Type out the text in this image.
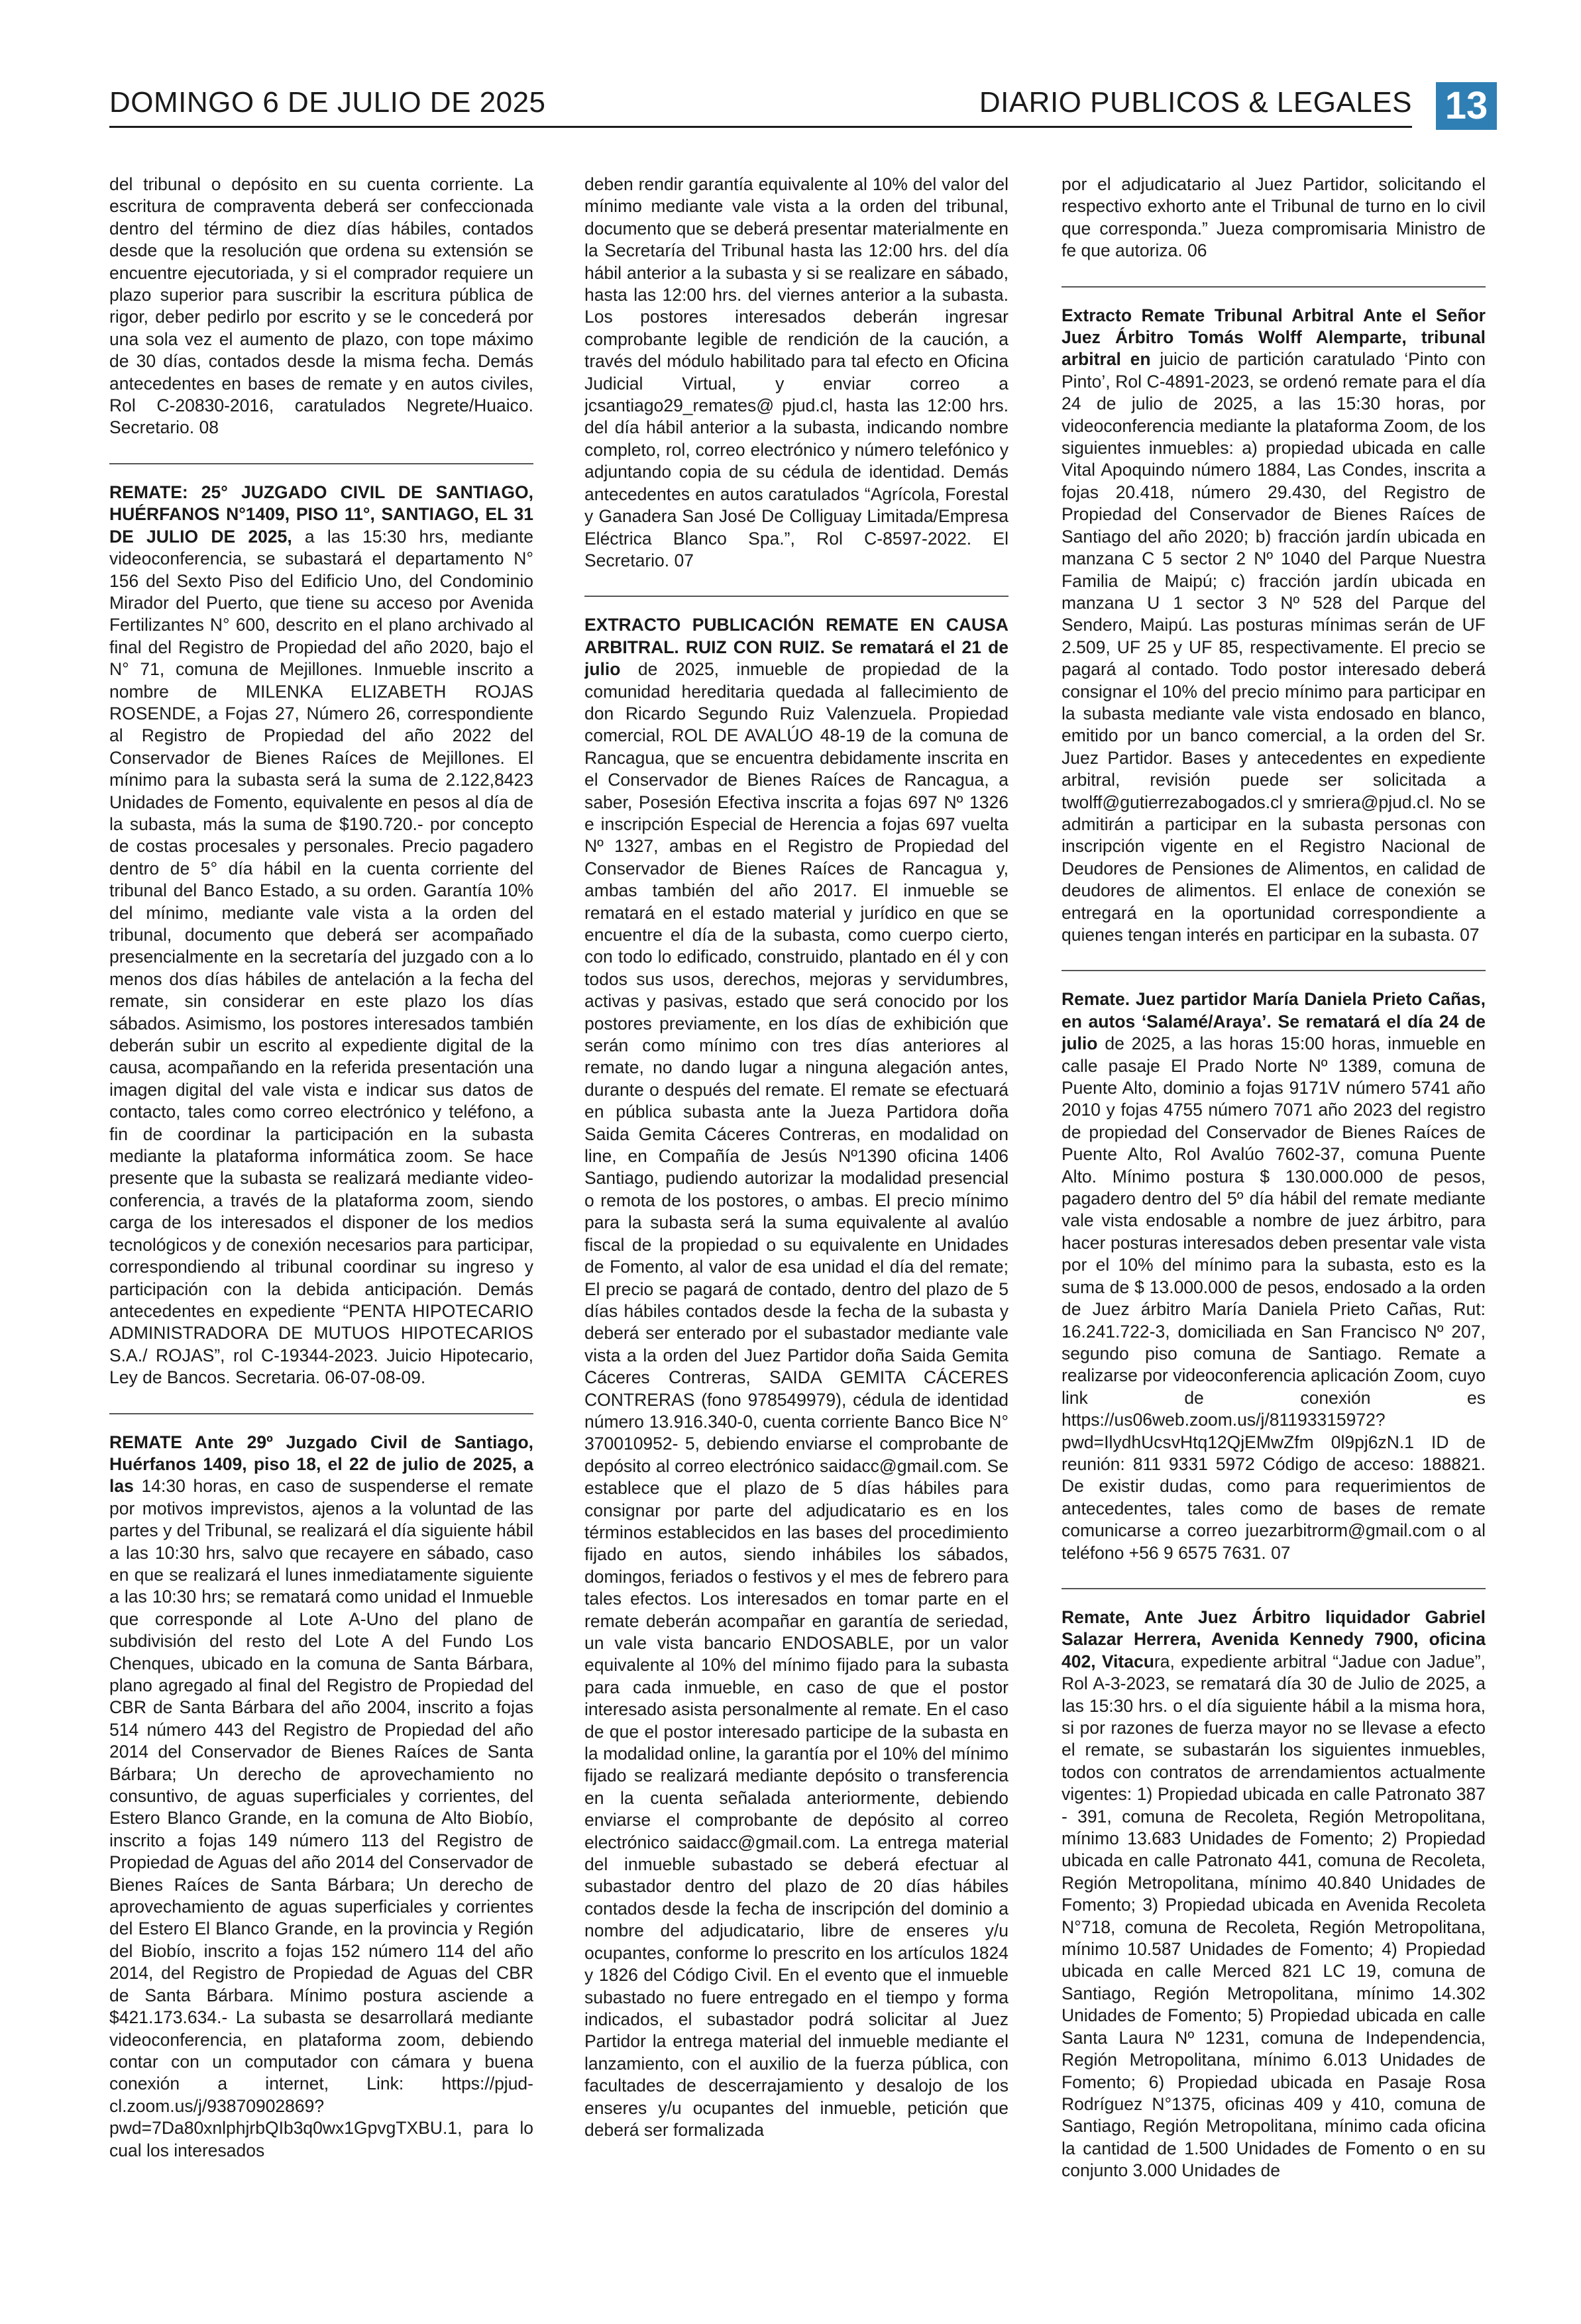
DOMINGO 6 DE JULIO DE 2025	DIARIO PUBLICOS & LEGALES 13

del tribunal o depósito en su cuenta corriente. La escritura de compraventa deberá ser confeccionada dentro del término de diez días hábiles, contados desde que la resolución que ordena su extensión se encuentre ejecutoriada, y si el comprador requiere un plazo superior para suscribir la escritura pública de rigor, deber pedirlo por escrito y se le concederá por una sola vez el aumento de plazo, con tope máximo de 30 días, contados desde la misma fecha. Demás antecedentes en bases de remate y en autos civiles, Rol C-20830-2016, caratulados Negrete/Huaico. Secretario. 08

REMATE: 25° JUZGADO CIVIL DE SANTIAGO, HUÉRFANOS N°1409, PISO 11°, SANTIAGO, EL 31 DE JULIO DE 2025, a las 15:30 hrs, mediante videoconferencia, se subastará el departamento N° 156 del Sexto Piso del Edificio Uno, del Condominio Mirador del Puerto, que tiene su acceso por Avenida Fertilizantes N° 600, descrito en el plano archivado al final del Registro de Propiedad del año 2020, bajo el N° 71, comuna de Mejillones. Inmueble inscrito a nombre de MILENKA ELIZABETH ROJAS ROSENDE, a Fojas 27, Número 26, correspondiente al Registro de Propiedad del año 2022 del Conservador de Bienes Raíces de Mejillones. El mínimo para la subasta será la suma de 2.122,8423 Unidades de Fomento, equivalente en pesos al día de la subasta, más la suma de $190.720.- por concepto de costas procesales y personales. Precio pagadero dentro de 5° día hábil en la cuenta corriente del tribunal del Banco Estado, a su orden. Garantía 10% del mínimo, mediante vale vista a la orden del tribunal, documento que deberá ser acompañado presencialmente en la secretaría del juzgado con a lo menos dos días hábiles de antelación a la fecha del remate, sin considerar en este plazo los días sábados. Asimismo, los postores interesados también deberán subir un escrito al expediente digital de la causa, acompañando en la referida presentación una imagen digital del vale vista e indicar sus datos de contacto, tales como correo electrónico y teléfono, a fin de coordinar la participación en la subasta mediante la plataforma informática zoom. Se hace presente que la subasta se realizará mediante video- conferencia, a través de la plataforma zoom, siendo carga de los interesados el disponer de los medios tecnológicos y de conexión necesarios para participar, correspondiendo al tribunal coordinar su ingreso y participación con la debida anticipación. Demás antecedentes en expediente “PENTA HIPOTECARIO ADMINISTRADORA DE MUTUOS HIPOTECARIOS S.A./ ROJAS”, rol C-19344-2023. Juicio Hipotecario, Ley de Bancos. Secretaria. 06-07-08-09.

REMATE Ante 29º Juzgado Civil de Santiago, Huérfanos 1409, piso 18, el 22 de julio de 2025, a las 14:30 horas, en caso de suspenderse el remate por motivos imprevistos, ajenos a la voluntad de las partes y del Tribunal, se realizará el día siguiente hábil a las 10:30 hrs, salvo que recayere en sábado, caso en que se realizará el lunes inmediatamente siguiente a las 10:30 hrs; se rematará como unidad el Inmueble que corresponde al Lote A-Uno del plano de subdivisión del resto del Lote A del Fundo Los Chenques, ubicado en la comuna de Santa Bárbara, plano agregado al final del Registro de Propiedad del CBR de Santa Bárbara del año 2004, inscrito a fojas 514 número 443 del Registro de Propiedad del año 2014 del Conservador de Bienes Raíces de Santa Bárbara; Un derecho de aprovechamiento no consuntivo, de aguas superficiales y corrientes, del Estero Blanco Grande, en la comuna de Alto Biobío, inscrito a fojas 149 número 113 del Registro de Propiedad de Aguas del año 2014 del Conservador de Bienes Raíces de Santa Bárbara; Un derecho de aprovechamiento de aguas superficiales y corrientes del Estero El Blanco Grande, en la provincia y Región del Biobío, inscrito a fojas 152 número 114 del año 2014, del Registro de Propiedad de Aguas del CBR de Santa Bárbara. Mínimo postura asciende a $421.173.634.- La subasta se desarrollará mediante videoconferencia, en plataforma zoom, debiendo contar con un computador con cámara y buena conexión a internet, Link: https://pjud-cl.zoom.us/j/93870902869?pwd=7Da80xnlphjrbQIb3q0wx1GpvgTXBU.1, para lo cual los interesados

deben rendir garantía equivalente al 10% del valor del mínimo mediante vale vista a la orden del tribunal, documento que se deberá presentar materialmente en la Secretaría del Tribunal hasta las 12:00 hrs. del día hábil anterior a la subasta y si se realizare en sábado, hasta las 12:00 hrs. del viernes anterior a la subasta. Los postores interesados deberán ingresar comprobante legible de rendición de la caución, a través del módulo habilitado para tal efecto en Oficina Judicial Virtual, y enviar correo a jcsantiago29_remates@ pjud.cl, hasta las 12:00 hrs. del día hábil anterior a la subasta, indicando nombre completo, rol, correo electrónico y número telefónico y adjuntando copia de su cédula de identidad. Demás antecedentes en autos caratulados “Agrícola, Forestal y Ganadera San José De Colliguay Limitada/Empresa Eléctrica Blanco Spa.”, Rol C-8597-2022. El Secretario. 07

EXTRACTO PUBLICACIÓN REMATE EN CAUSA ARBITRAL. RUIZ CON RUIZ. Se rematará el 21 de julio de 2025, inmueble de propiedad de la comunidad hereditaria quedada al fallecimiento de don Ricardo Segundo Ruiz Valenzuela. Propiedad comercial, ROL DE AVALÚO 48-19 de la comuna de Rancagua, que se encuentra debidamente inscrita en el Conservador de Bienes Raíces de Rancagua, a saber, Posesión Efectiva inscrita a fojas 697 Nº 1326 e inscripción Especial de Herencia a fojas 697 vuelta Nº 1327, ambas en el Registro de Propiedad del Conservador de Bienes Raíces de Rancagua y, ambas también del año 2017. El inmueble se rematará en el estado material y jurídico en que se encuentre el día de la subasta, como cuerpo cierto, con todo lo edificado, construido, plantado en él y con todos sus usos, derechos, mejoras y servidumbres, activas y pasivas, estado que será conocido por los postores previamente, en los días de exhibición que serán como mínimo con tres días anteriores al remate, no dando lugar a ninguna alegación antes, durante o después del remate. El remate se efectuará en pública subasta ante la Jueza Partidora doña Saida Gemita Cáceres Contreras, en modalidad on line, en Compañía de Jesús Nº1390 oficina 1406 Santiago, pudiendo autorizar la modalidad presencial o remota de los postores, o ambas. El precio mínimo para la subasta será la suma equivalente al avalúo fiscal de la propiedad o su equivalente en Unidades de Fomento, al valor de esa unidad el día del remate; El precio se pagará de contado, dentro del plazo de 5 días hábiles contados desde la fecha de la subasta y deberá ser enterado por el subastador mediante vale vista a la orden del Juez Partidor doña Saida Gemita Cáceres Contreras, SAIDA GEMITA CÁCERES CONTRERAS (fono 978549979), cédula de identidad número 13.916.340-0, cuenta corriente Banco Bice N° 370010952- 5, debiendo enviarse el comprobante de depósito al correo electrónico saidacc@gmail.com. Se establece que el plazo de 5 días hábiles para consignar por parte del adjudicatario es en los términos establecidos en las bases del procedimiento fijado en autos, siendo inhábiles los sábados, domingos, feriados o festivos y el mes de febrero para tales efectos. Los interesados en tomar parte en el remate deberán acompañar en garantía de seriedad, un vale vista bancario ENDOSABLE, por un valor equivalente al 10% del mínimo fijado para la subasta para cada inmueble, en caso de que el postor interesado asista personalmente al remate. En el caso de que el postor interesado participe de la subasta en la modalidad online, la garantía por el 10% del mínimo fijado se realizará mediante depósito o transferencia en la cuenta señalada anteriormente, debiendo enviarse el comprobante de depósito al correo electrónico saidacc@gmail.com. La entrega material del inmueble subastado se deberá efectuar al subastador dentro del plazo de 20 días hábiles contados desde la fecha de inscripción del dominio a nombre del adjudicatario, libre de enseres y/u ocupantes, conforme lo prescrito en los artículos 1824 y 1826 del Código Civil. En el evento que el inmueble subastado no fuere entregado en el tiempo y forma indicados, el subastador podrá solicitar al Juez Partidor la entrega material del inmueble mediante el lanzamiento, con el auxilio de la fuerza pública, con facultades de descerrajamiento y desalojo de los enseres y/u ocupantes del inmueble, petición que deberá ser formalizada

por el adjudicatario al Juez Partidor, solicitando el respectivo exhorto ante el Tribunal de turno en lo civil que corresponda.” Jueza compromisaria Ministro de fe que autoriza. 06

Extracto Remate Tribunal Arbitral Ante el Señor Juez Árbitro Tomás Wolff Alemparte, tribunal arbitral en juicio de partición caratulado ‘Pinto con Pinto’, Rol C-4891-2023, se ordenó remate para el día 24 de julio de 2025, a las 15:30 horas, por videoconferencia mediante la plataforma Zoom, de los siguientes inmuebles: a) propiedad ubicada en calle Vital Apoquindo número 1884, Las Condes, inscrita a fojas 20.418, número 29.430, del Registro de Propiedad del Conservador de Bienes Raíces de Santiago del año 2020; b) fracción jardín ubicada en manzana C 5 sector 2 Nº 1040 del Parque Nuestra Familia de Maipú; c) fracción jardín ubicada en manzana U 1 sector 3 Nº 528 del Parque del Sendero, Maipú. Las posturas mínimas serán de UF 2.509, UF 25 y UF 85, respectivamente. El precio se pagará al contado. Todo postor interesado deberá consignar el 10% del precio mínimo para participar en la subasta mediante vale vista endosado en blanco, emitido por un banco comercial, a la orden del Sr. Juez Partidor. Bases y antecedentes en expediente arbitral, revisión puede ser solicitada a twolff@gutierrezabogados.cl y smriera@pjud.cl. No se admitirán a participar en la subasta personas con inscripción vigente en el Registro Nacional de Deudores de Pensiones de Alimentos, en calidad de deudores de alimentos. El enlace de conexión se entregará en la oportunidad correspondiente a quienes tengan interés en participar en la subasta. 07

Remate. Juez partidor María Daniela Prieto Cañas, en autos ‘Salamé/Araya’. Se rematará el día 24 de julio de 2025, a las horas 15:00 horas, inmueble en calle pasaje El Prado Norte Nº 1389, comuna de Puente Alto, dominio a fojas 9171V número 5741 año 2010 y fojas 4755 número 7071 año 2023 del registro de propiedad del Conservador de Bienes Raíces de Puente Alto, Rol Avalúo 7602-37, comuna Puente Alto. Mínimo postura $ 130.000.000 de pesos, pagadero dentro del 5º día hábil del remate mediante vale vista endosable a nombre de juez árbitro, para hacer posturas interesados deben presentar vale vista por el 10% del mínimo para la subasta, esto es la suma de $ 13.000.000 de pesos, endosado a la orden de Juez árbitro María Daniela Prieto Cañas, Rut: 16.241.722-3, domiciliada en San Francisco Nº 207, segundo piso comuna de Santiago. Remate a realizarse por videoconferencia aplicación Zoom, cuyo link de conexión es https://us06web.zoom.us/j/81193315972?pwd=IlydhUcsvHtq12QjEMwZfm 0l9pj6zN.1 ID de reunión: 811 9331 5972 Código de acceso: 188821. De existir dudas, como para requerimientos de antecedentes, tales como de bases de remate comunicarse a correo juezarbitrorm@gmail.com o al teléfono +56 9 6575 7631. 07

Remate, Ante Juez Árbitro liquidador Gabriel Salazar Herrera, Avenida Kennedy 7900, oficina 402, Vitacura, expediente arbitral “Jadue con Jadue”, Rol A-3-2023, se rematará día 30 de Julio de 2025, a las 15:30 hrs. o el día siguiente hábil a la misma hora, si por razones de fuerza mayor no se llevase a efecto el remate, se subastarán los siguientes inmuebles, todos con contratos de arrendamientos actualmente vigentes: 1) Propiedad ubicada en calle Patronato 387 - 391, comuna de Recoleta, Región Metropolitana, mínimo 13.683 Unidades de Fomento; 2) Propiedad ubicada en calle Patronato 441, comuna de Recoleta, Región Metropolitana, mínimo 40.840 Unidades de Fomento; 3) Propiedad ubicada en Avenida Recoleta N°718, comuna de Recoleta, Región Metropolitana, mínimo 10.587 Unidades de Fomento; 4) Propiedad ubicada en calle Merced 821 LC 19, comuna de Santiago, Región Metropolitana, mínimo 14.302 Unidades de Fomento; 5) Propiedad ubicada en calle Santa Laura Nº 1231, comuna de Independencia, Región Metropolitana, mínimo 6.013 Unidades de Fomento; 6) Propiedad ubicada en Pasaje Rosa Rodríguez N°1375, oficinas 409 y 410, comuna de Santiago, Región Metropolitana, mínimo cada oficina la cantidad de 1.500 Unidades de Fomento o en su conjunto 3.000 Unidades de
